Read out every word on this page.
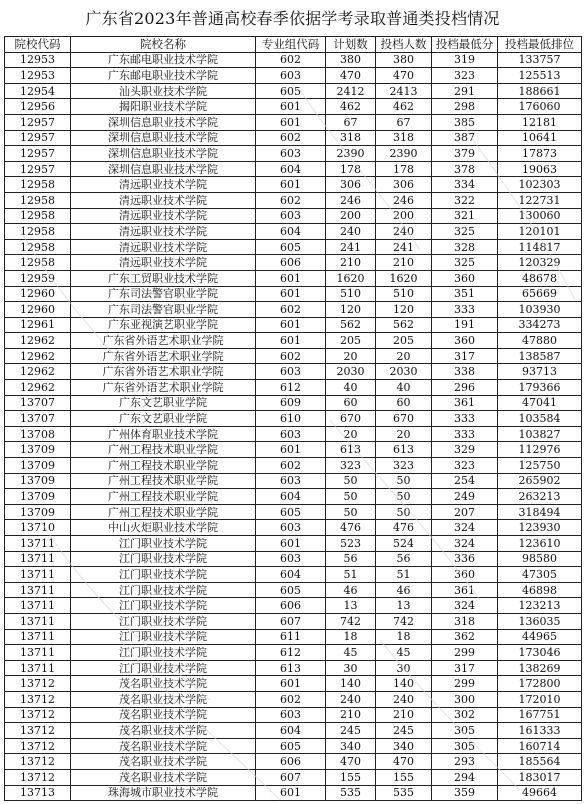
广东省2023年普通高校春季依据学考录取普通类投档情况
院校代码	院校名称	专业组代码	计划数	投档人数	投档最低分	投档最低排位
12953	广东邮电职业技术学院	602	380	380	319	133757
12953	广东邮电职业技术学院	603	470	470	323	125513
12954	汕头职业技术学院	605	2412	2413	291	188661
12956	揭阳职业技术学院	601	462	462	298	176060
12957	深圳信息职业技术学院	601	67	67	385	12181
12957	深圳信息职业技术学院	602	318	318	387	10641
12957	深圳信息职业技术学院	603	2390	2390	379	17873
12957	深圳信息职业技术学院	604	178	178	378	19063
12958	清远职业技术学院	601	306	306	334	102303
12958	清远职业技术学院	602	246	246	322	122731
12958	清远职业技术学院	603	200	200	321	130060
12958	清远职业技术学院	604	240	240	325	120101
12958	清远职业技术学院	605	241	241	328	114817
12958	清远职业技术学院	606	210	210	325	120329
12959	广东工贸职业技术学院	601	1620	1620	360	48678
12960	广东司法警官职业学院	601	510	510	351	65669
12960	广东司法警官职业学院	602	120	120	333	103930
12961	广东亚视演艺职业学院	601	562	562	191	334273
12962	广东省外语艺术职业学院	601	205	205	360	47880
12962	广东省外语艺术职业学院	602	20	20	317	138587
12962	广东省外语艺术职业学院	603	2030	2030	338	93713
12962	广东省外语艺术职业学院	612	40	40	296	179366
13707	广东文艺职业学院	609	60	60	361	47041
13707	广东文艺职业学院	610	670	670	333	103584
13708	广州体育职业技术学院	603	20	20	333	103827
13709	广州工程技术职业学院	601	613	613	329	112976
13709	广州工程技术职业学院	602	323	323	323	125750
13709	广州工程技术职业学院	603	50	50	254	265902
13709	广州工程技术职业学院	604	50	50	249	263213
13709	广州工程技术职业学院	605	50	50	207	318494
13710	中山火炬职业技术学院	603	476	476	324	123930
13711	江门职业技术学院	601	523	524	324	123610
13711	江门职业技术学院	603	56	56	336	98580
13711	江门职业技术学院	604	51	51	360	47305
13711	江门职业技术学院	605	46	46	361	46898
13711	江门职业技术学院	606	13	13	324	123213
13711	江门职业技术学院	607	742	742	318	136035
13711	江门职业技术学院	611	18	18	362	44965
13711	江门职业技术学院	612	45	45	299	173046
13711	江门职业技术学院	613	30	30	317	138269
13712	茂名职业技术学院	601	140	140	299	172800
13712	茂名职业技术学院	602	240	240	300	172010
13712	茂名职业技术学院	603	210	210	302	167751
13712	茂名职业技术学院	604	245	245	305	161333
13712	茂名职业技术学院	605	340	340	305	160714
13712	茂名职业技术学院	606	470	470	293	185564
13712	茂名职业技术学院	607	155	155	294	183017
13713	珠海城市职业技术学院	601	535	535	359	49664
